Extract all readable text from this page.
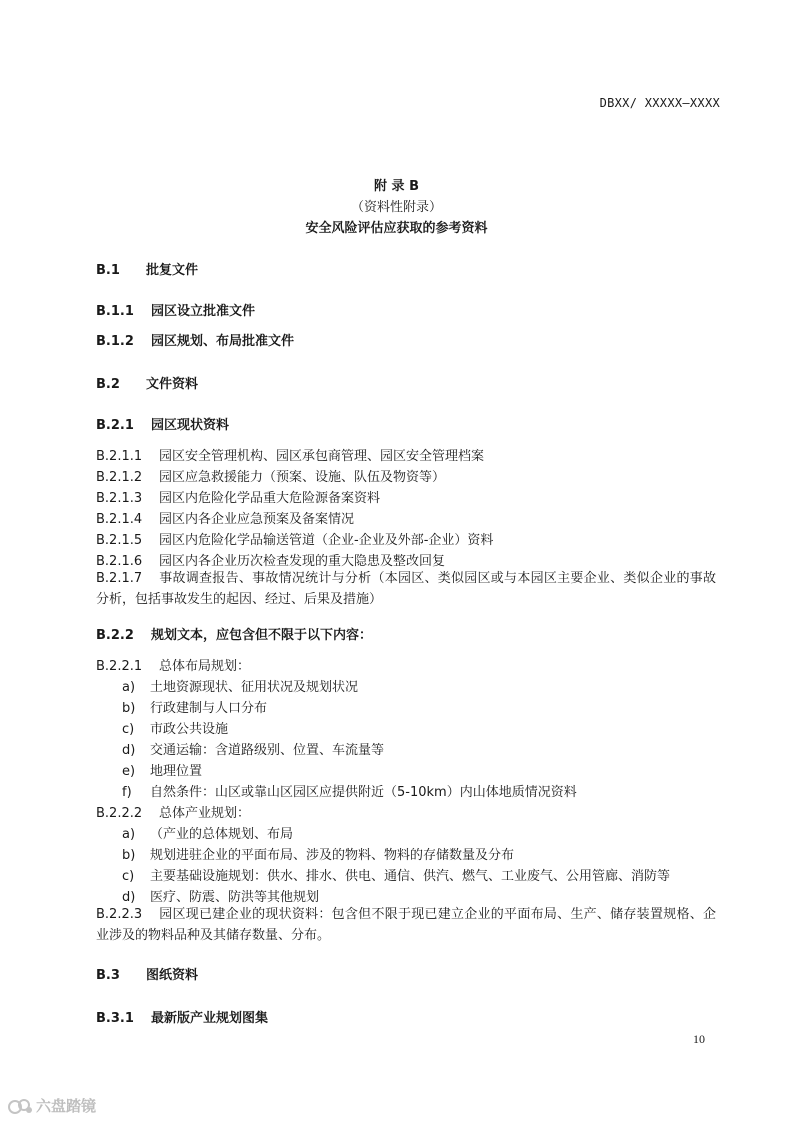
DBXX/ XXXXX—XXXX
附 录 B
（资料性附录）
安全风险评估应获取的参考资料
B.1 批复文件
B.1.1 园区设立批准文件
B.1.2 园区规划、布局批准文件
B.2 文件资料
B.2.1 园区现状资料
B.2.1.1 园区安全管理机构、园区承包商管理、园区安全管理档案
B.2.1.2 园区应急救援能力（预案、设施、队伍及物资等）
B.2.1.3 园区内危险化学品重大危险源备案资料
B.2.1.4 园区内各企业应急预案及备案情况
B.2.1.5 园区内危险化学品输送管道（企业-企业及外部-企业）资料
B.2.1.6 园区内各企业历次检查发现的重大隐患及整改回复
B.2.1.7 事故调查报告、事故情况统计与分析（本园区、类似园区或与本园区主要企业、类似企业的事故分析，包括事故发生的起因、经过、后果及措施）
B.2.2 规划文本，应包含但不限于以下内容：
B.2.2.1 总体布局规划：
a) 土地资源现状、征用状况及规划状况
b) 行政建制与人口分布
c) 市政公共设施
d) 交通运输：含道路级别、位置、车流量等
e) 地理位置
f) 自然条件：山区或靠山区园区应提供附近（5-10km）内山体地质情况资料
B.2.2.2 总体产业规划：
a) （产业的总体规划、布局
b) 规划进驻企业的平面布局、涉及的物料、物料的存储数量及分布
c) 主要基础设施规划：供水、排水、供电、通信、供汽、燃气、工业废气、公用管廊、消防等
d) 医疗、防震、防洪等其他规划
B.2.2.3 园区现已建企业的现状资料：包含但不限于现已建立企业的平面布局、生产、储存装置规格、企业涉及的物料品种及其储存数量、分布。
B.3 图纸资料
B.3.1 最新版产业规划图集
10
六盘踏镜
